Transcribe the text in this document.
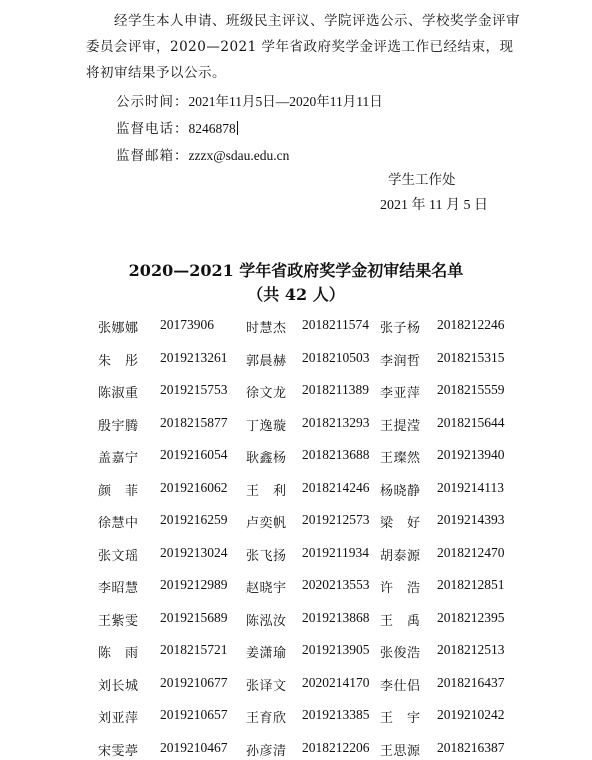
经学生本人申请、班级民主评议、学院评选公示、学校奖学金评审委员会评审，2020—2021 学年省政府奖学金评选工作已经结束，现将初审结果予以公示。
公示时间：2021年11月5日—2020年11月11日
监督电话：8246878
监督邮箱：zzzx@sdau.edu.cn
学生工作处
2021 年 11 月 5 日
2020—2021 学年省政府奖学金初审结果名单
（共 42 人）
张娜娜 20173906 时慧杰 2018211574 张子杨 2018212246
朱　彤 2019213261 郭晨赫 2018210503 李润哲 2018215315
陈淑重 2019215753 徐文龙 2018211389 李亚萍 2018215559
殷宇腾 2018215877 丁逸璇 2018213293 王提滢 2018215644
盖嘉宁 2019216054 耿鑫杨 2018213688 王璨然 2019213940
颜　菲 2019216062 王　利 2018214246 杨晓静 2019214113
徐慧中 2019216259 卢奕帆 2019212573 梁　好 2019214393
张文瑶 2019213024 张飞扬 2019211934 胡泰源 2018212470
李昭慧 2019212989 赵晓宇 2020213553 许　浩 2018212851
王紫雯 2019215689 陈泓汝 2019213868 王　禹 2018212395
陈　雨 2018215721 姜潇瑜 2019213905 张俊浩 2018212513
刘长城 2019210677 张译文 2020214170 李仕侣 2018216437
刘亚萍 2019210657 王育欣 2019213385 王　宇 2019210242
宋雯葶 2019210467 孙彦清 2018212206 王思源 2018216387
